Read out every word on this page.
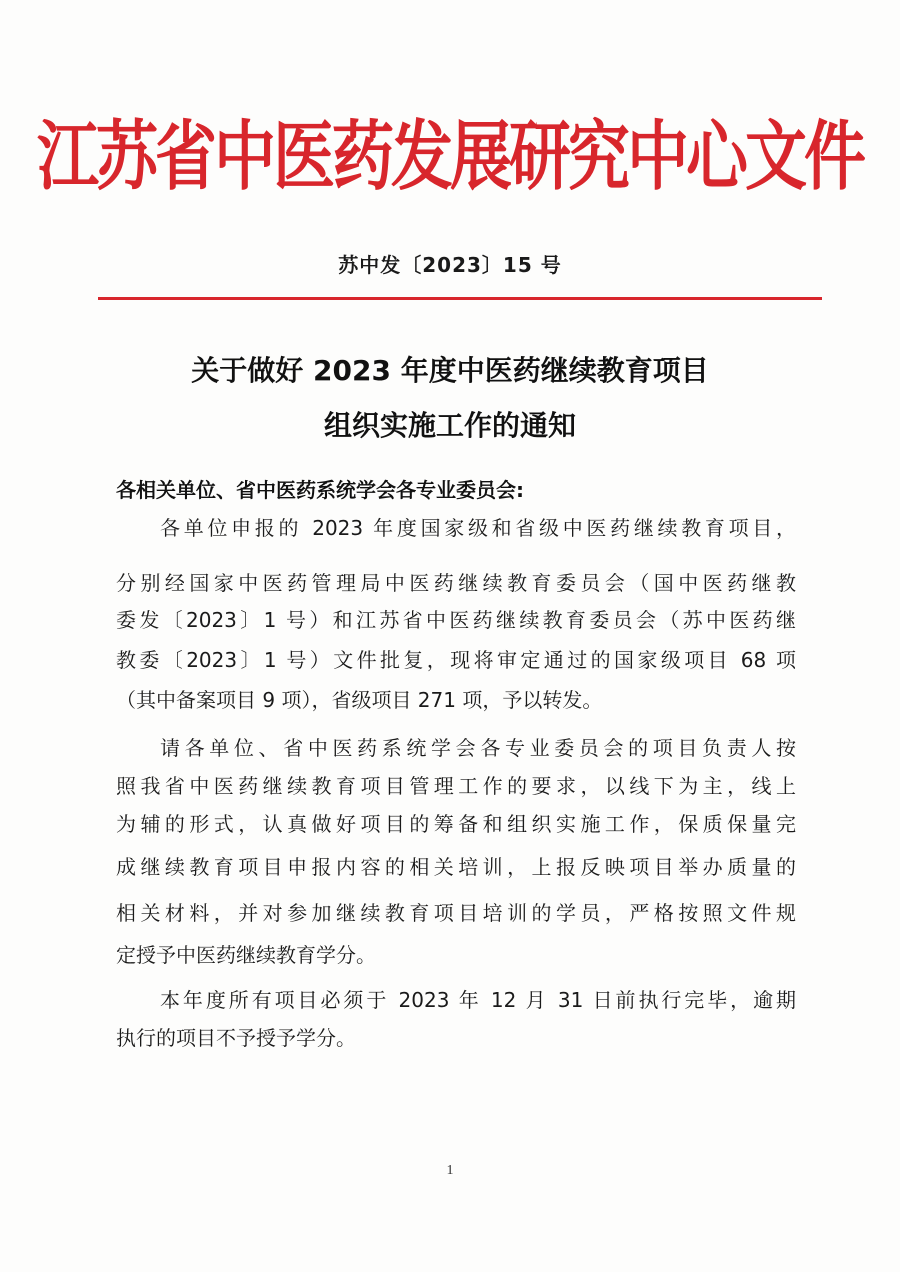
江苏省中医药发展研究中心文件
苏中发〔2023〕15 号
关于做好 2023 年度中医药继续教育项目
组织实施工作的通知
各相关单位、省中医药系统学会各专业委员会:
各单位申报的 2023 年度国家级和省级中医药继续教育项目，
分别经国家中医药管理局中医药继续教育委员会（国中医药继教
委发〔2023〕1 号）和江苏省中医药继续教育委员会（苏中医药继
教委〔2023〕1 号）文件批复，现将审定通过的国家级项目 68 项
（其中备案项目 9 项），省级项目 271 项，予以转发。
请各单位、省中医药系统学会各专业委员会的项目负责人按
照我省中医药继续教育项目管理工作的要求，以线下为主，线上
为辅的形式，认真做好项目的筹备和组织实施工作，保质保量完
成继续教育项目申报内容的相关培训，上报反映项目举办质量的
相关材料，并对参加继续教育项目培训的学员，严格按照文件规
定授予中医药继续教育学分。
本年度所有项目必须于 2023 年 12 月 31 日前执行完毕，逾期
执行的项目不予授予学分。
1
